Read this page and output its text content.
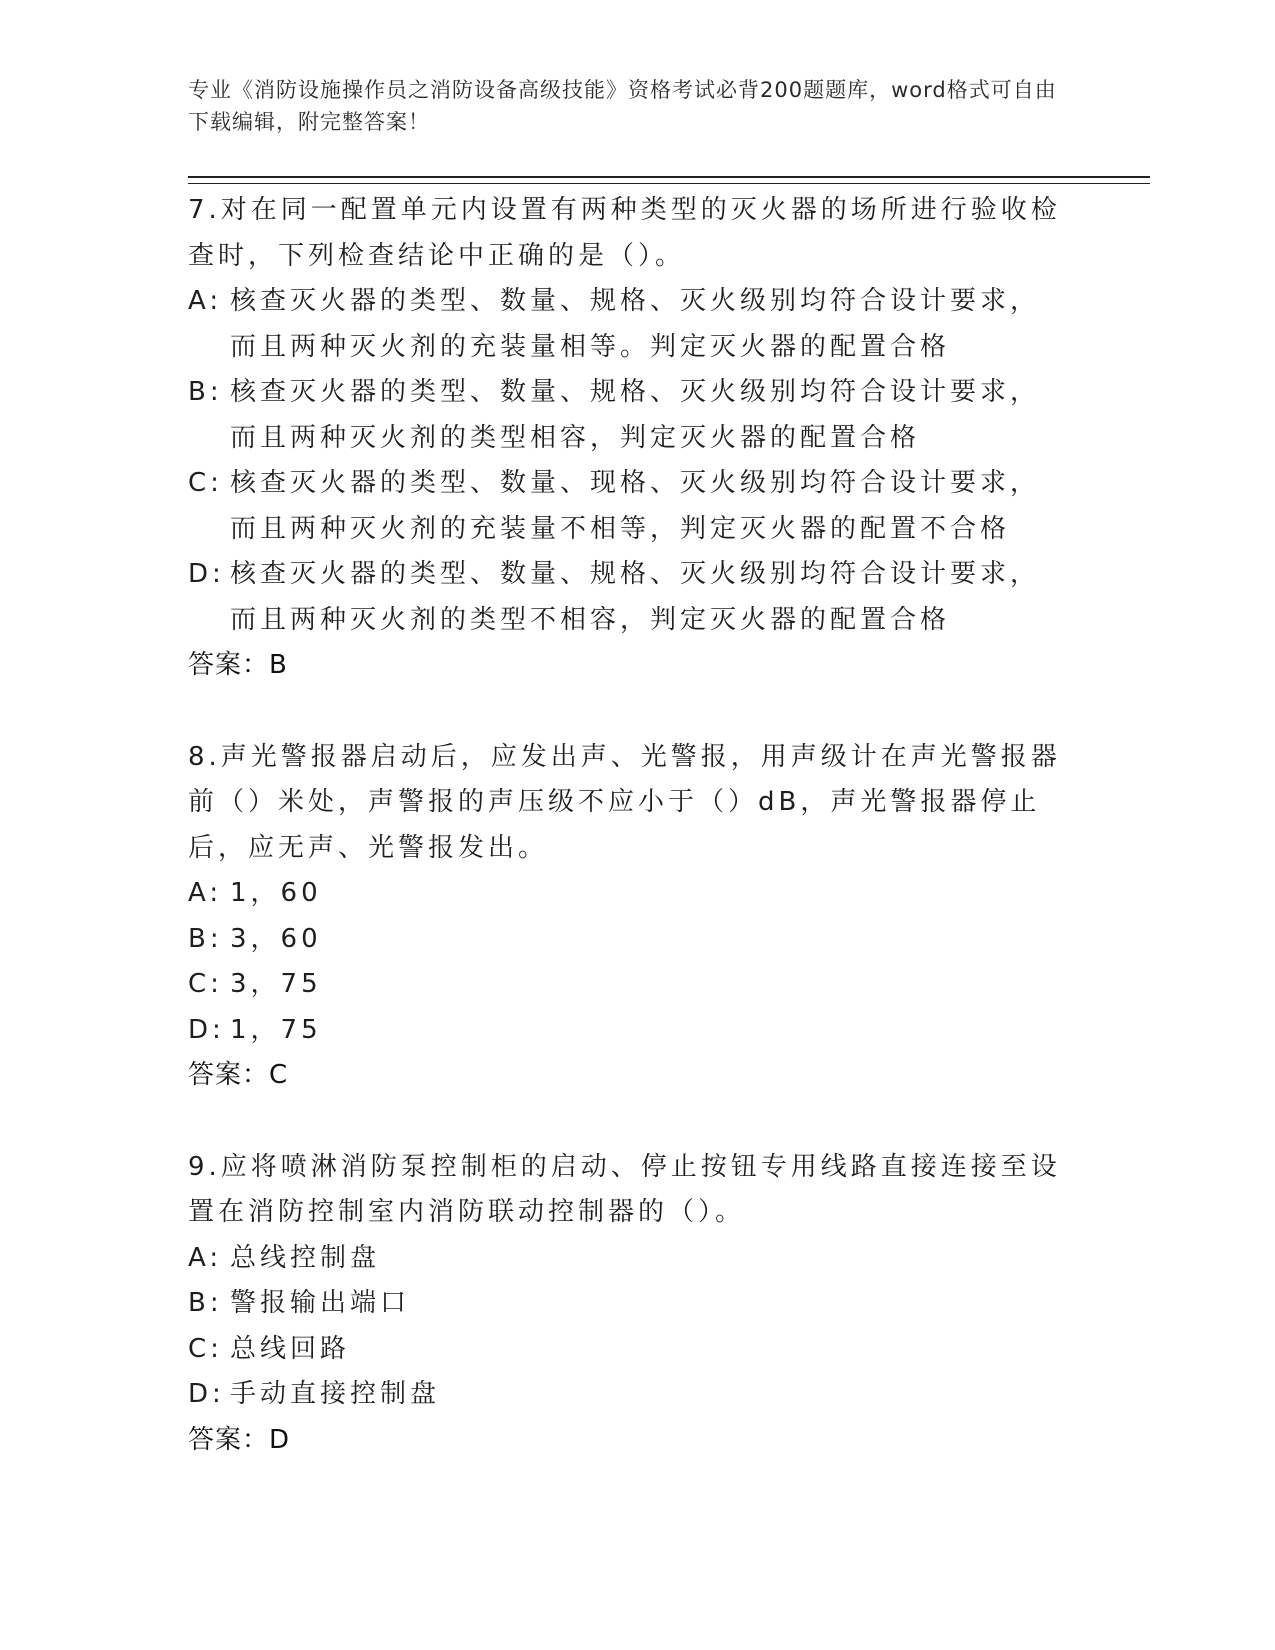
专业《消防设施操作员之消防设备高级技能》资格考试必背200题题库，word格式可自由下载编辑，附完整答案！
7.对在同一配置单元内设置有两种类型的灭火器的场所进行验收检查时，下列检查结论中正确的是（）。
A: 核查灭火器的类型、数量、规格、灭火级别均符合设计要求，而且两种灭火剂的充装量相等。判定灭火器的配置合格
B: 核查灭火器的类型、数量、规格、灭火级别均符合设计要求，而且两种灭火剂的类型相容，判定灭火器的配置合格
C: 核查灭火器的类型、数量、现格、灭火级别均符合设计要求，而且两种灭火剂的充装量不相等，判定灭火器的配置不合格
D: 核查灭火器的类型、数量、规格、灭火级别均符合设计要求，而且两种灭火剂的类型不相容，判定灭火器的配置合格
答案：B
8.声光警报器启动后，应发出声、光警报，用声级计在声光警报器前（）米处，声警报的声压级不应小于（）dB，声光警报器停止后，应无声、光警报发出。
A: 1，60
B: 3，60
C: 3，75
D: 1，75
答案：C
9.应将喷淋消防泵控制柜的启动、停止按钮专用线路直接连接至设置在消防控制室内消防联动控制器的（）。
A: 总线控制盘
B: 警报输出端口
C: 总线回路
D: 手动直接控制盘
答案：D
